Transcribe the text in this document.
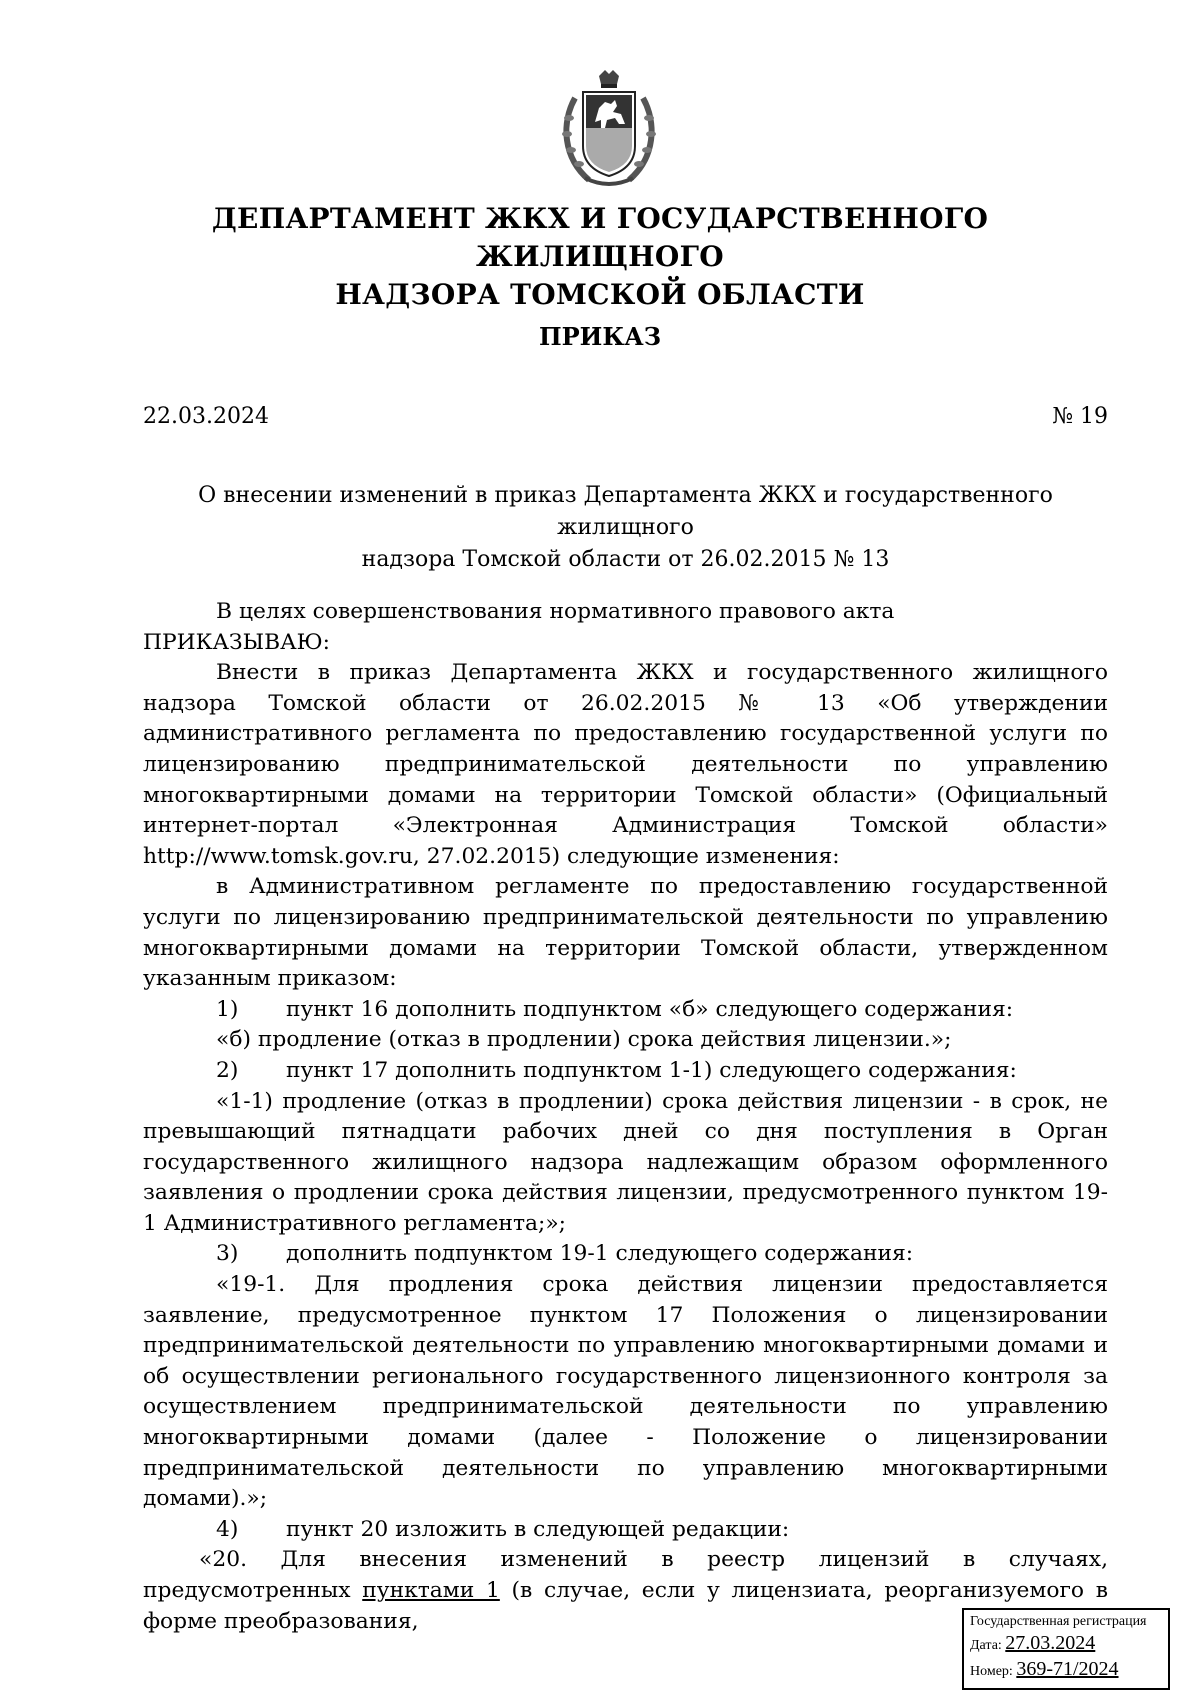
ДЕПАРТАМЕНТ ЖКХ И ГОСУДАРСТВЕННОГО ЖИЛИЩНОГО
НАДЗОРА ТОМСКОЙ ОБЛАСТИ
ПРИКАЗ
22.03.2024	№ 19
О внесении изменений в приказ Департамента ЖКХ и государственного жилищного
надзора Томской области от 26.02.2015 № 13

В целях совершенствования нормативного правового акта

ПРИКАЗЫВАЮ:

Внести в приказ Департамента ЖКХ и государственного жилищного надзора Томской области от 26.02.2015 № 13 «Об утверждении административного регламента по предоставлению государственной услуги по лицензированию предпринимательской деятельности по управлению многоквартирными домами на территории Томской области» (Официальный интернет-портал «Электронная Администрация Томской области» http://www.tomsk.gov.ru, 27.02.2015) следующие изменения:

в Административном регламенте по предоставлению государственной услуги по лицензированию предпринимательской деятельности по управлению многоквартирными домами на территории Томской области, утвержденном указанным приказом:

1) пункт 16 дополнить подпунктом «б» следующего содержания:

«б) продление (отказ в продлении) срока действия лицензии.»;

2) пункт 17 дополнить подпунктом 1-1) следующего содержания:

«1-1) продление (отказ в продлении) срока действия лицензии - в срок, не превышающий пятнадцати рабочих дней со дня поступления в Орган государственного жилищного надзора надлежащим образом оформленного заявления о продлении срока действия лицензии, предусмотренного пунктом 19-1 Административного регламента;»;

3) дополнить подпунктом 19-1 следующего содержания:

«19-1. Для продления срока действия лицензии предоставляется заявление, предусмотренное пунктом 17 Положения о лицензировании предпринимательской деятельности по управлению многоквартирными домами и об осуществлении регионального государственного лицензионного контроля за осуществлением предпринимательской деятельности по управлению многоквартирными домами (далее - Положение о лицензировании предпринимательской деятельности по управлению многоквартирными домами).»;

4) пункт 20 изложить в следующей редакции:

«20. Для внесения изменений в реестр лицензий в случаях, предусмотренных пунктами 1 (в случае, если у лицензиата, реорганизуемого в форме преобразования,	Государственная регистрация
Дата: 27.03.2024
Номер: 369-71/2024
